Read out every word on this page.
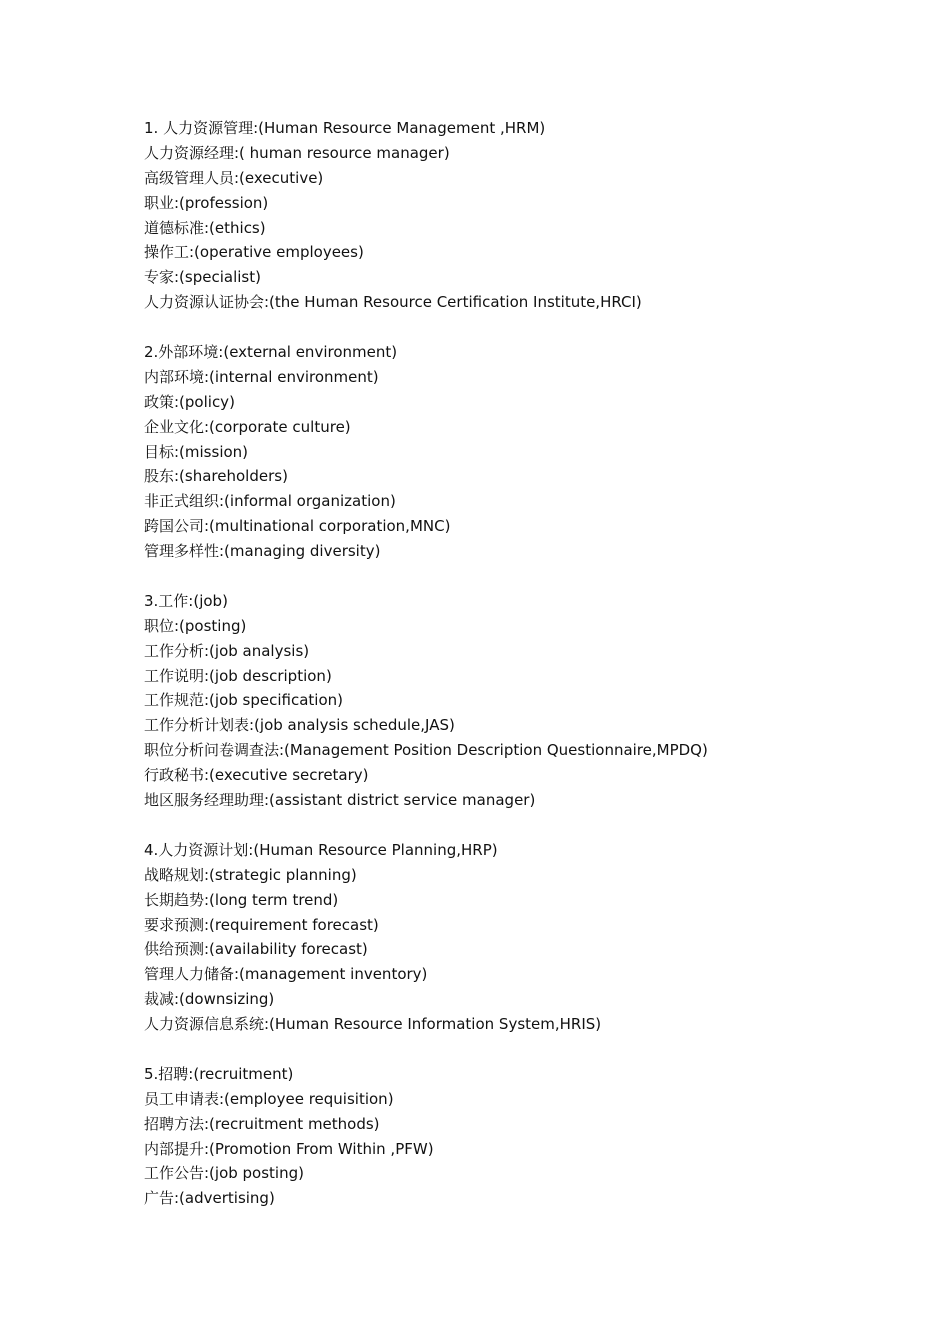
1. 人力资源管理:(Human Resource Management ,HRM)
人力资源经理:( human resource manager)
高级管理人员:(executive)
职业:(profession)
道德标准:(ethics)
操作工:(operative employees)
专家:(specialist)
人力资源认证协会:(the Human Resource Certification Institute,HRCI)
2.外部环境:(external environment)
内部环境:(internal environment)
政策:(policy)
企业文化:(corporate culture)
目标:(mission)
股东:(shareholders)
非正式组织:(informal organization)
跨国公司:(multinational corporation,MNC)
管理多样性:(managing diversity)
3.工作:(job)
职位:(posting)
工作分析:(job analysis)
工作说明:(job description)
工作规范:(job specification)
工作分析计划表:(job analysis schedule,JAS)
职位分析问卷调查法:(Management Position Description Questionnaire,MPDQ)
行政秘书:(executive secretary)
地区服务经理助理:(assistant district service manager)
4.人力资源计划:(Human Resource Planning,HRP)
战略规划:(strategic planning)
长期趋势:(long term trend)
要求预测:(requirement forecast)
供给预测:(availability forecast)
管理人力储备:(management inventory)
裁减:(downsizing)
人力资源信息系统:(Human Resource Information System,HRIS)
5.招聘:(recruitment)
员工申请表:(employee requisition)
招聘方法:(recruitment methods)
内部提升:(Promotion From Within ,PFW)
工作公告:(job posting)
广告:(advertising)
